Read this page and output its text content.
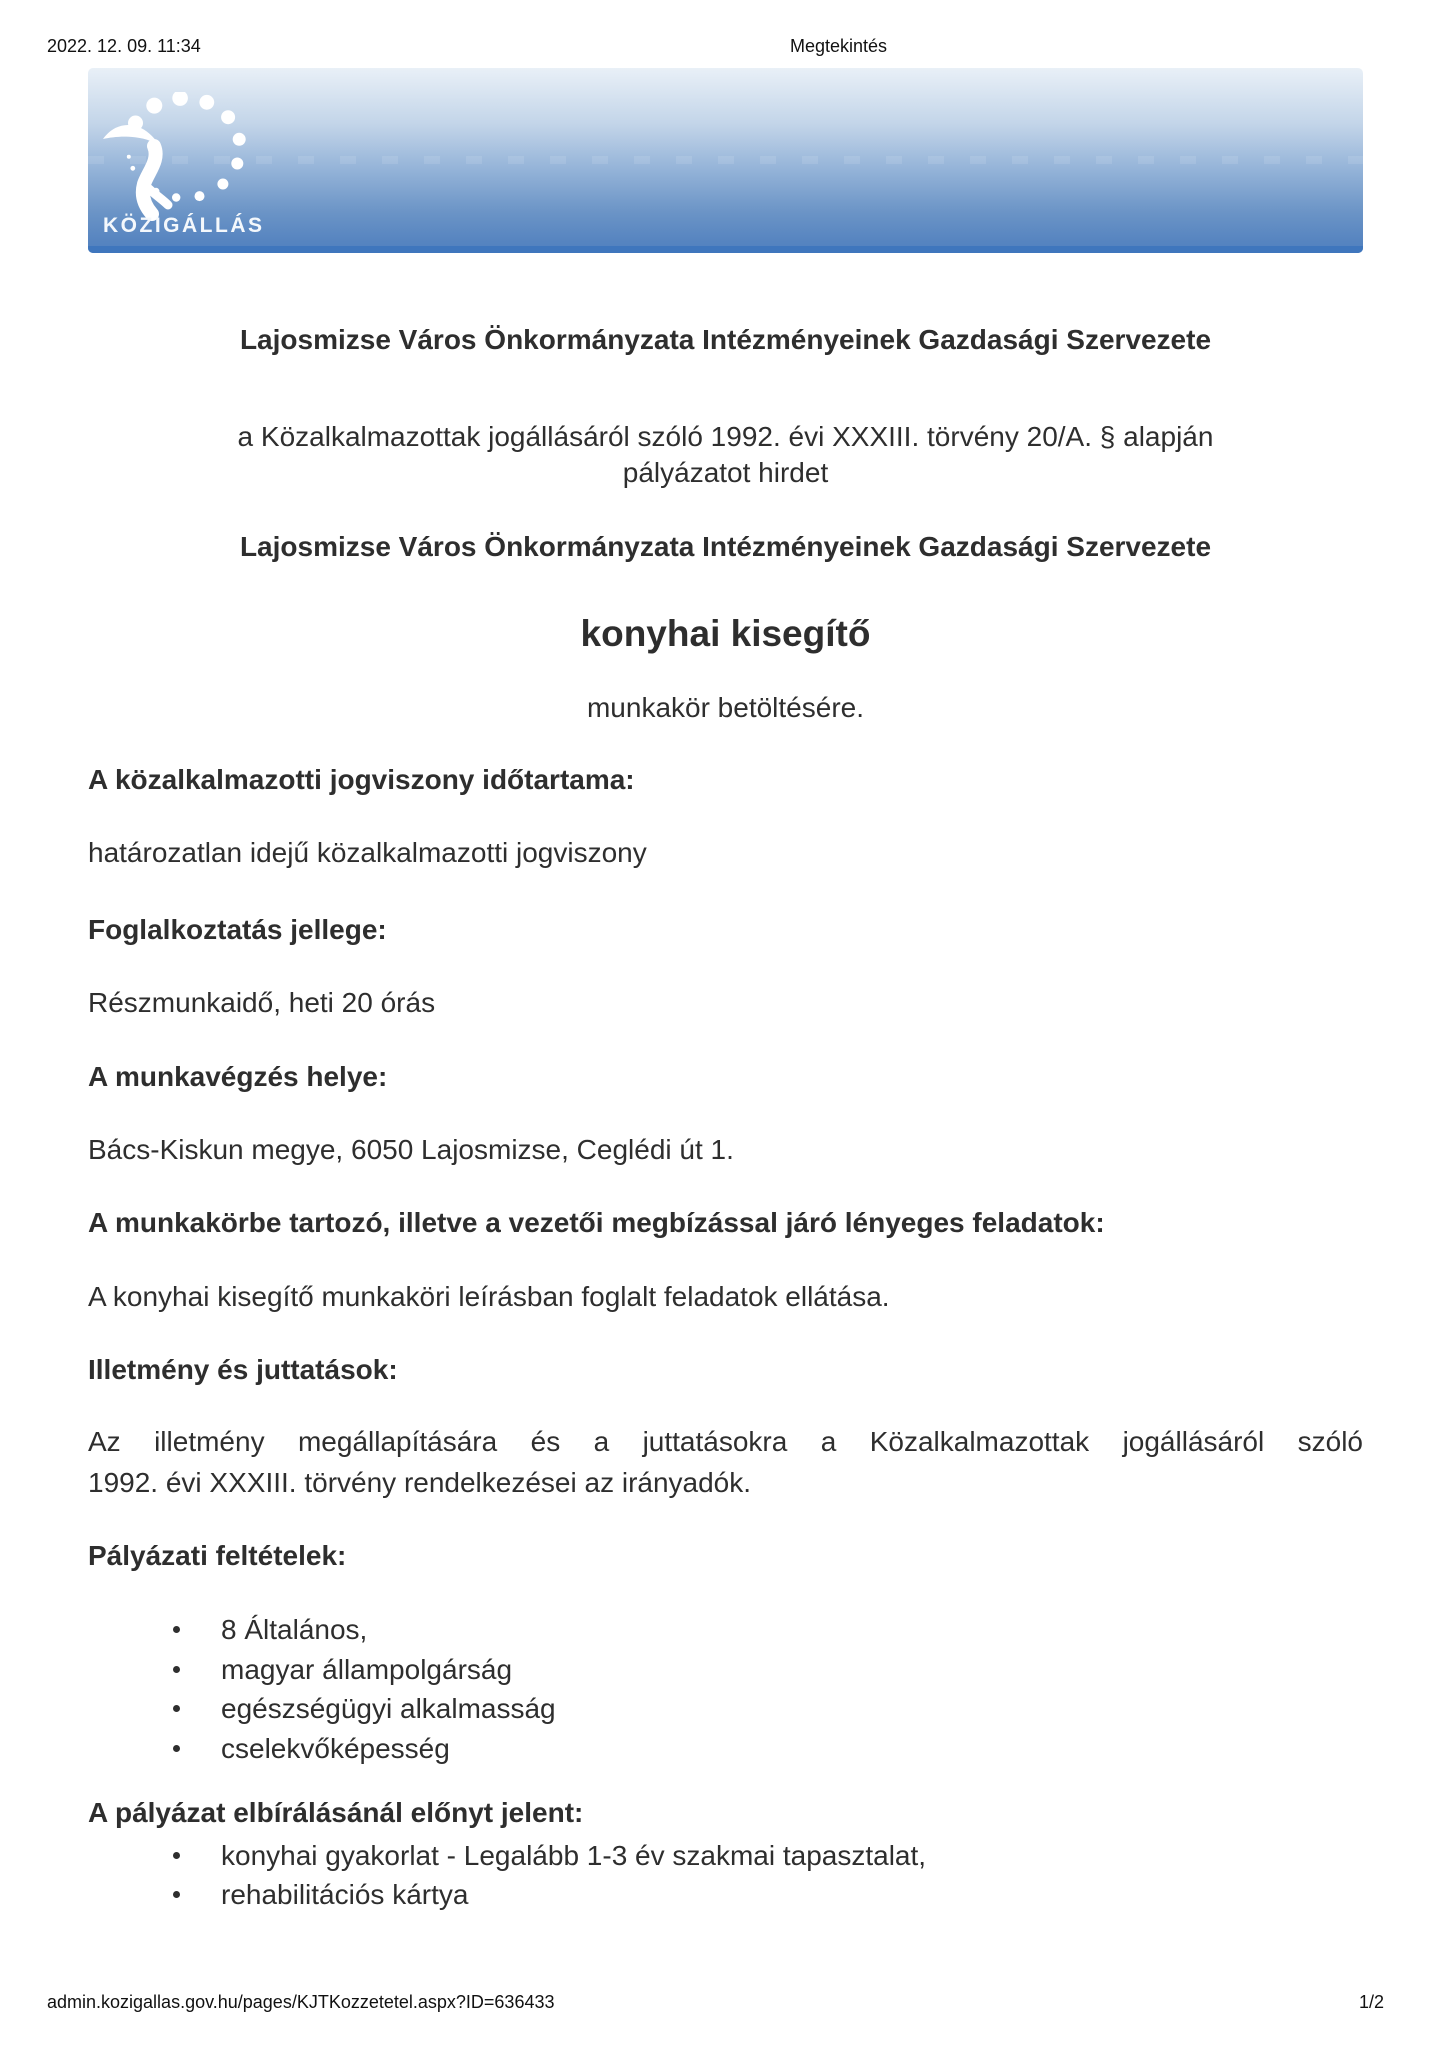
2022. 12. 09. 11:34	Megtekintés
KÖZIGÁLLÁS
Lajosmizse Város Önkormányzata Intézményeinek Gazdasági Szervezete

a Közalkalmazottak jogállásáról szóló 1992. évi XXXIII. törvény 20/A. § alapján
pályázatot hirdet

Lajosmizse Város Önkormányzata Intézményeinek Gazdasági Szervezete
konyhai kisegítő
munkakör betöltésére.
A közalkalmazotti jogviszony időtartama:
határozatlan idejű közalkalmazotti jogviszony
Foglalkoztatás jellege:
Részmunkaidő, heti 20 órás
A munkavégzés helye:
Bács-Kiskun megye, 6050 Lajosmizse, Ceglédi út 1.
A munkakörbe tartozó, illetve a vezetői megbízással járó lényeges feladatok:
A konyhai kisegítő munkaköri leírásban foglalt feladatok ellátása.
Illetmény és juttatások:
Az illetmény megállapítására és a juttatásokra a Közalkalmazottak jogállásáról szóló
1992. évi XXXIII. törvény rendelkezései az irányadók.
Pályázati feltételek:
8 Általános,
magyar állampolgárság
egészségügyi alkalmasság
cselekvőképesség
A pályázat elbírálásánál előnyt jelent:
konyhai gyakorlat - Legalább 1-3 év szakmai tapasztalat,
rehabilitációs kártya
admin.kozigallas.gov.hu/pages/KJTKozzetetel.aspx?ID=636433	1/2
